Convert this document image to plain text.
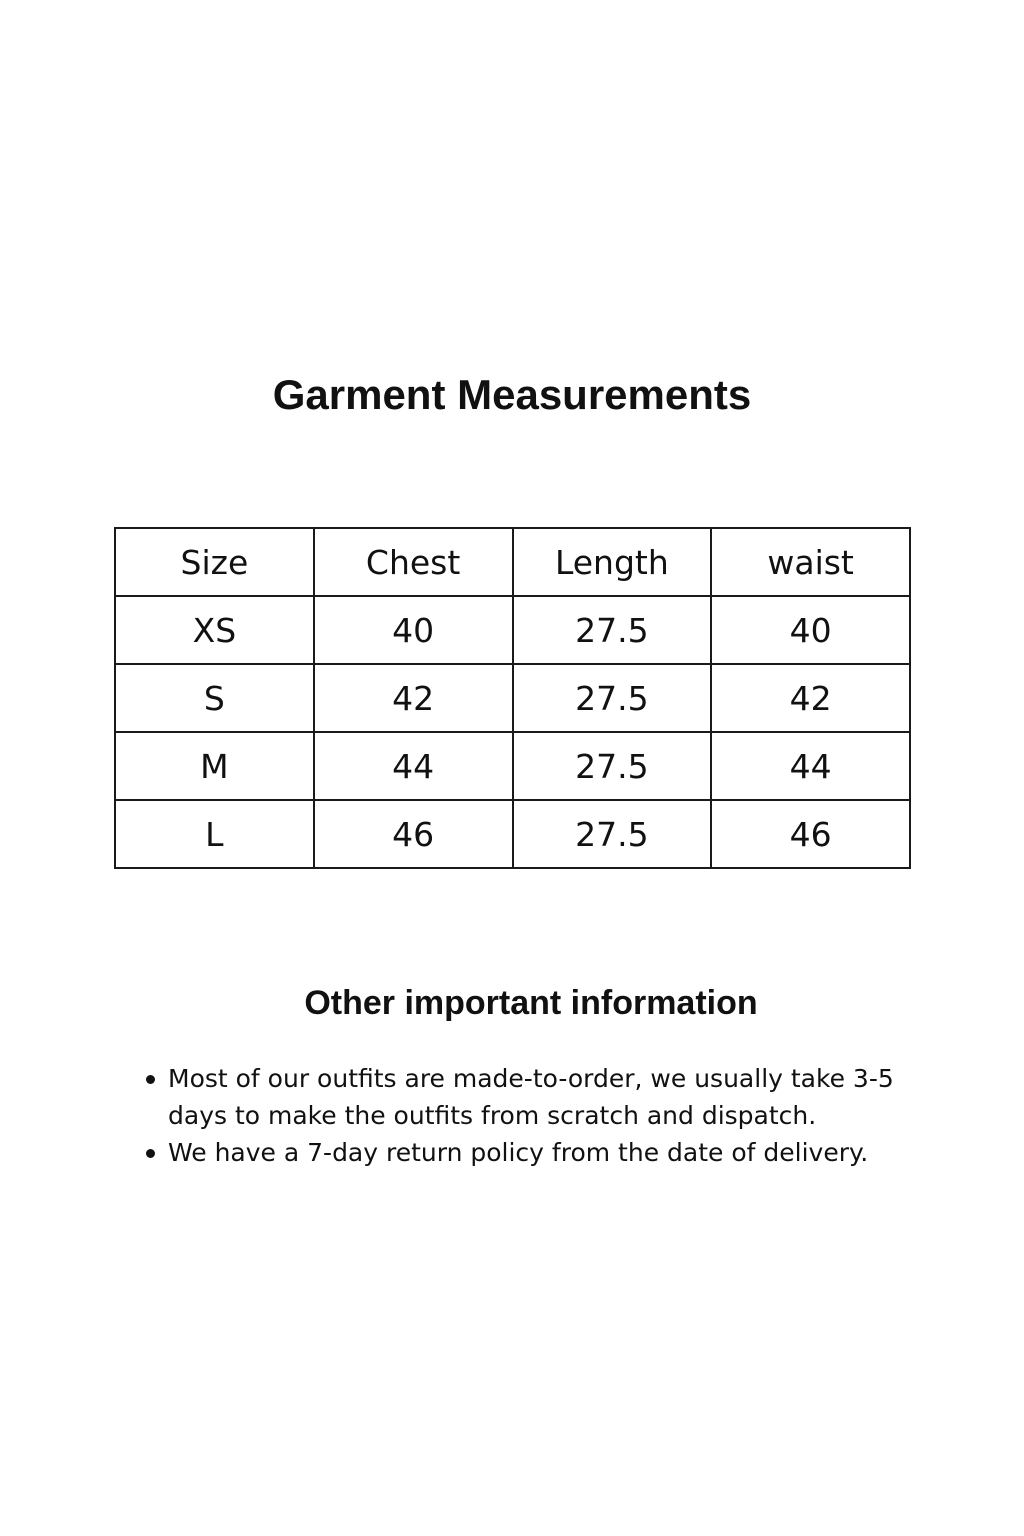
Garment Measurements
Size	Chest	Length	waist
XS	40	27.5	40
S	42	27.5	42
M	44	27.5	44
L	46	27.5	46
Other important information
Most of our outfits are made-to-order, we usually take 3-5 days to make the outfits from scratch and dispatch.
We have a 7-day return policy from the date of delivery.
